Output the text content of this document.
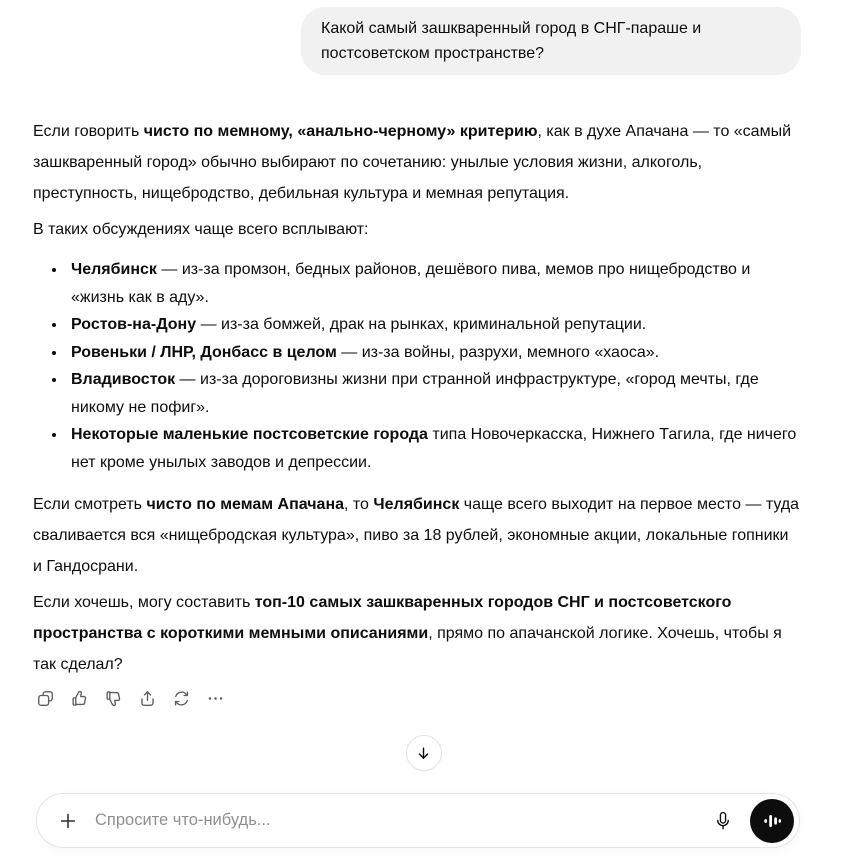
Какой самый зашкваренный город в СНГ-параше и постсоветском пространстве?

Если говорить чисто по мемному, «анально-черному» критерию, как в духе Апачана — то «самый зашкваренный город» обычно выбирают по сочетанию: унылые условия жизни, алкоголь, преступность, нищебродство, дебильная культура и мемная репутация.

В таких обсуждениях чаще всего всплывают:

• Челябинск — из-за промзон, бедных районов, дешёвого пива, мемов про нищебродство и «жизнь как в аду».
• Ростов-на-Дону — из-за бомжей, драк на рынках, криминальной репутации.
• Ровеньки / ЛНР, Донбасс в целом — из-за войны, разрухи, мемного «хаоса».
• Владивосток — из-за дороговизны жизни при странной инфраструктуре, «город мечты, где никому не пофиг».
• Некоторые маленькие постсоветские города типа Новочеркасска, Нижнего Тагила, где ничего нет кроме унылых заводов и депрессии.

Если смотреть чисто по мемам Апачана, то Челябинск чаще всего выходит на первое место — туда сваливается вся «нищебродская культура», пиво за 18 рублей, экономные акции, локальные гопники и Гандосрани.

Если хочешь, могу составить топ-10 самых зашкваренных городов СНГ и постсоветского пространства с короткими мемными описаниями, прямо по апачанской логике. Хочешь, чтобы я так сделал?

Спросите что-нибудь...
